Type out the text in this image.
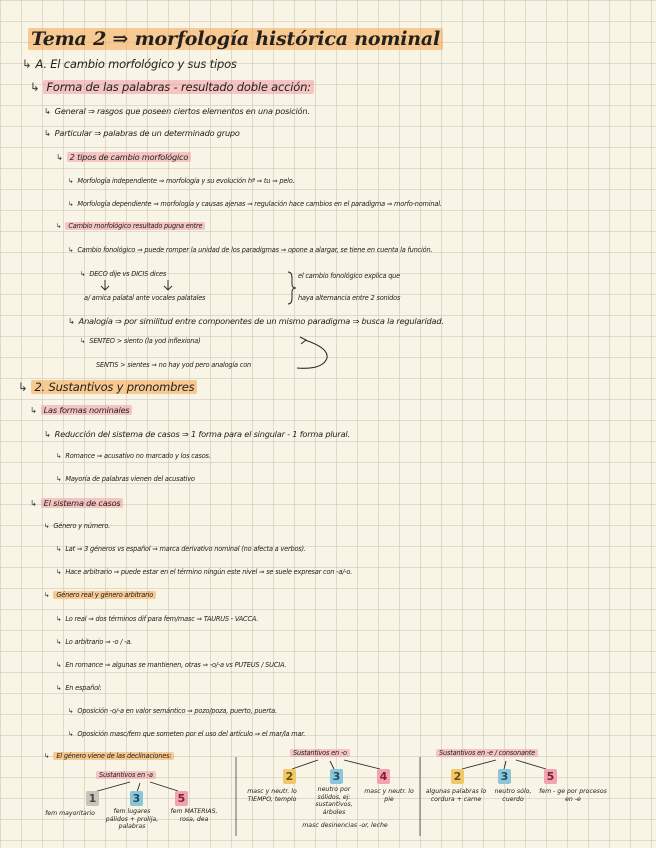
Tema 2 ⇒ morfología histórica nominal
↳ A. El cambio morfológico y sus tipos
↳ Forma de las palabras - resultado doble acción:
↳ General ⇒ rasgos que poseen ciertos elementos en una posición.
↳ Particular ⇒ palabras de un determinado grupo
↳ 2 tipos de cambio morfológico
↳ Morfología independiente ⇒ morfología y su evolución hª ⇒ tu ⇒ pelo.
↳ Morfología dependiente ⇒ morfología y causas ajenas ⇒ regulación hace cambios en el paradigma ⇒ morfo-nominal.
↳ Cambio morfológico resultado pugna entre
↳ Cambio fonológico ⇒ puede romper la unidad de los paradigmas ⇒ opone a alargar, se tiene en cuenta la función.
↳ DECO dije vs DICIS dices	el cambio fonológico explica que
a/ amica palatal ante vocales palatales	haya alternancia entre 2 sonidos
↳ Analogía ⇒ por similitud entre componentes de un mismo paradigma ⇒ busca la regularidad.
↳ SENTEO > siento (la yod inflexiona)
SENTIS > sientes ⇒ no hay yod pero analogía con
↳ 2. Sustantivos y pronombres
↳ Las formas nominales
↳ Reducción del sistema de casos ⇒ 1 forma para el singular - 1 forma plural.
↳ Romance ⇒ acusativo no marcado y los casos.
↳ Mayoría de palabras vienen del acusativo
↳ El sistema de casos
↳ Género y número.
↳ Lat ⇒ 3 géneros vs español ⇒ marca derivativo nominal (no afecta a verbos).
↳ Hace arbitrario ⇒ puede estar en el término ningún este nivel ⇒ se suele expresar con -a/-o.
↳ Género real y género arbitrario
↳ Lo real ⇒ dos términos dif para fem/masc ⇒ TAURUS - VACCA.
↳ Lo arbitrario ⇒ -o / -a.
↳ En romance ⇒ algunas se mantienen, otras ⇒ -o/-a vs PUTEUS / SUCIA.
↳ En español:
↳ Oposición -o/-a en valor semántico ⇒ pozo/poza, puerto, puerta.
↳ Oposición masc/fem que someten por el uso del artículo ⇒ el mar/la mar.
↳ El género viene de las declinaciones:
Sustantivos en -a
Sustantivos en -o	Sustantivos en -e / consonante
1	3	5
2	3	4	2	3	5
fem mayoritario	fem lugares pálidos + prolija, palabras
fem MATERIAS, rosa, dea
masc y neutr. lo TIEMPO, templo
neutro por sólidos, ej: sustantivos, árboles
masc y neutr. lo pie
masc desinencias -or, leche
algunas palabras lo cordura + carne
neutro sólo, cuerdo
fem - ge por procesos en -e
